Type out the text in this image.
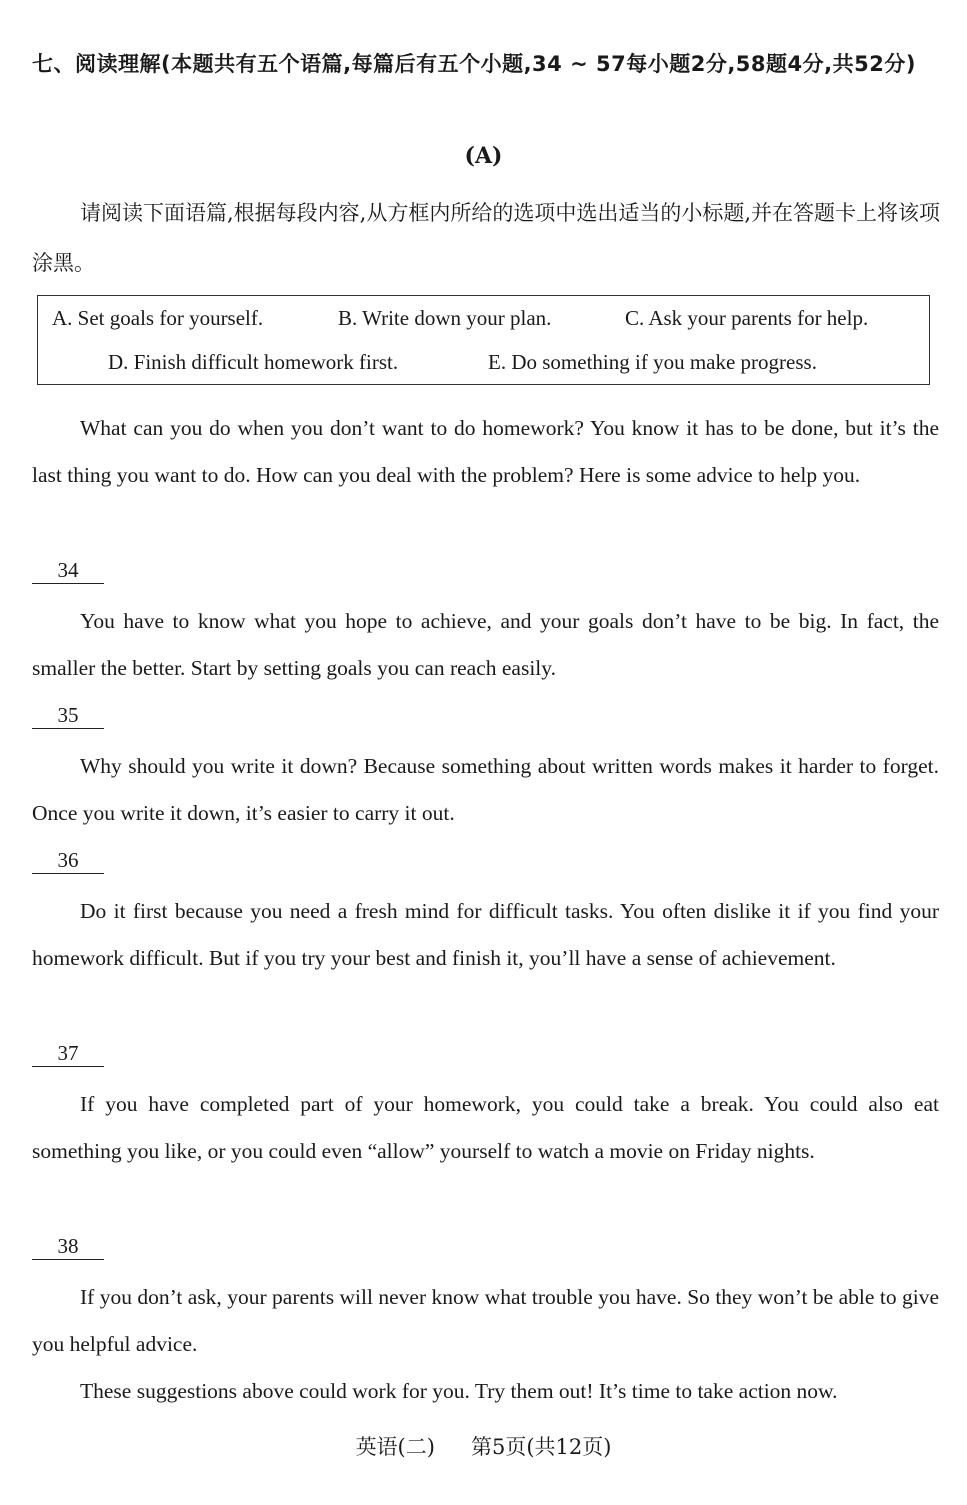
七、阅读理解(本题共有五个语篇,每篇后有五个小题,34 ~ 57每小题2分,58题4分,共52分)
(A)
请阅读下面语篇,根据每段内容,从方框内所给的选项中选出适当的小标题,并在答题卡上将该项涂黑。
A. Set goals for yourself.	B. Write down your plan.	C. Ask your parents for help.
D. Finish difficult homework first.	E. Do something if you make progress.

What can you do when you don’t want to do homework? You know it has to be done, but it’s the last thing you want to do. How can you deal with the problem? Here is some advice to help you.

34

You have to know what you hope to achieve, and your goals don’t have to be big. In fact, the smaller the better. Start by setting goals you can reach easily.

35

Why should you write it down? Because something about written words makes it harder to forget. Once you write it down, it’s easier to carry it out.

36

Do it first because you need a fresh mind for difficult tasks. You often dislike it if you find your homework difficult. But if you try your best and finish it, you’ll have a sense of achievement.

37

If you have completed part of your homework, you could take a break. You could also eat something you like, or you could even “allow” yourself to watch a movie on Friday nights.

38

If you don’t ask, your parents will never know what trouble you have. So they won’t be able to give you helpful advice.

These suggestions above could work for you. Try them out! It’s time to take action now.

英语(二) 第5页(共12页)
